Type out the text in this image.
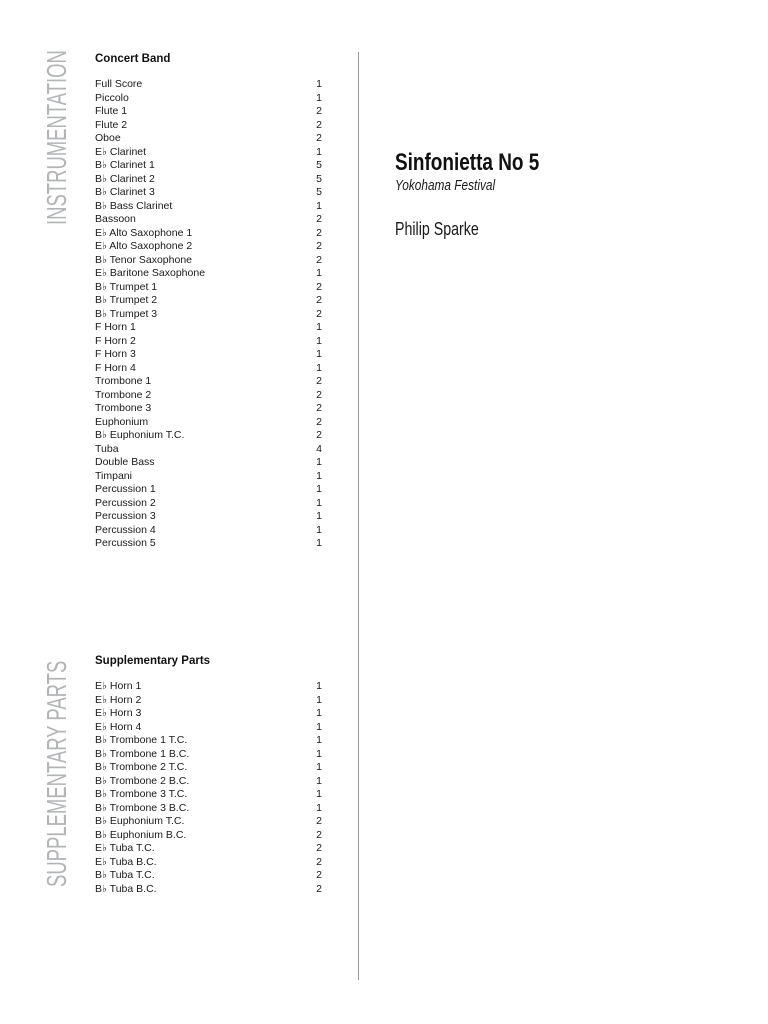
INSTRUMENTATION
SUPPLEMENTARY PARTS
Concert Band
Full Score	1
Piccolo	1
Flute 1	2
Flute 2	2
Oboe	2
E♭ Clarinet	1
B♭ Clarinet 1	5
B♭ Clarinet 2	5
B♭ Clarinet 3	5
B♭ Bass Clarinet	1
Bassoon	2
E♭ Alto Saxophone 1	2
E♭ Alto Saxophone 2	2
B♭ Tenor Saxophone	2
E♭ Baritone Saxophone	1
B♭ Trumpet 1	2
B♭ Trumpet 2	2
B♭ Trumpet 3	2
F Horn 1	1
F Horn 2	1
F Horn 3	1
F Horn 4	1
Trombone 1	2
Trombone 2	2
Trombone 3	2
Euphonium	2
B♭ Euphonium T.C.	2
Tuba	4
Double Bass	1
Timpani	1
Percussion 1	1
Percussion 2	1
Percussion 3	1
Percussion 4	1
Percussion 5	1
Supplementary Parts
E♭ Horn 1	1
E♭ Horn 2	1
E♭ Horn 3	1
E♭ Horn 4	1
B♭ Trombone 1 T.C.	1
B♭ Trombone 1 B.C.	1
B♭ Trombone 2 T.C.	1
B♭ Trombone 2 B.C.	1
B♭ Trombone 3 T.C.	1
B♭ Trombone 3 B.C.	1
B♭ Euphonium T.C.	2
B♭ Euphonium B.C.	2
E♭ Tuba T.C.	2
E♭ Tuba B.C.	2
B♭ Tuba T.C.	2
B♭ Tuba B.C.	2
Sinfonietta No 5
Yokohama Festival
Philip Sparke
